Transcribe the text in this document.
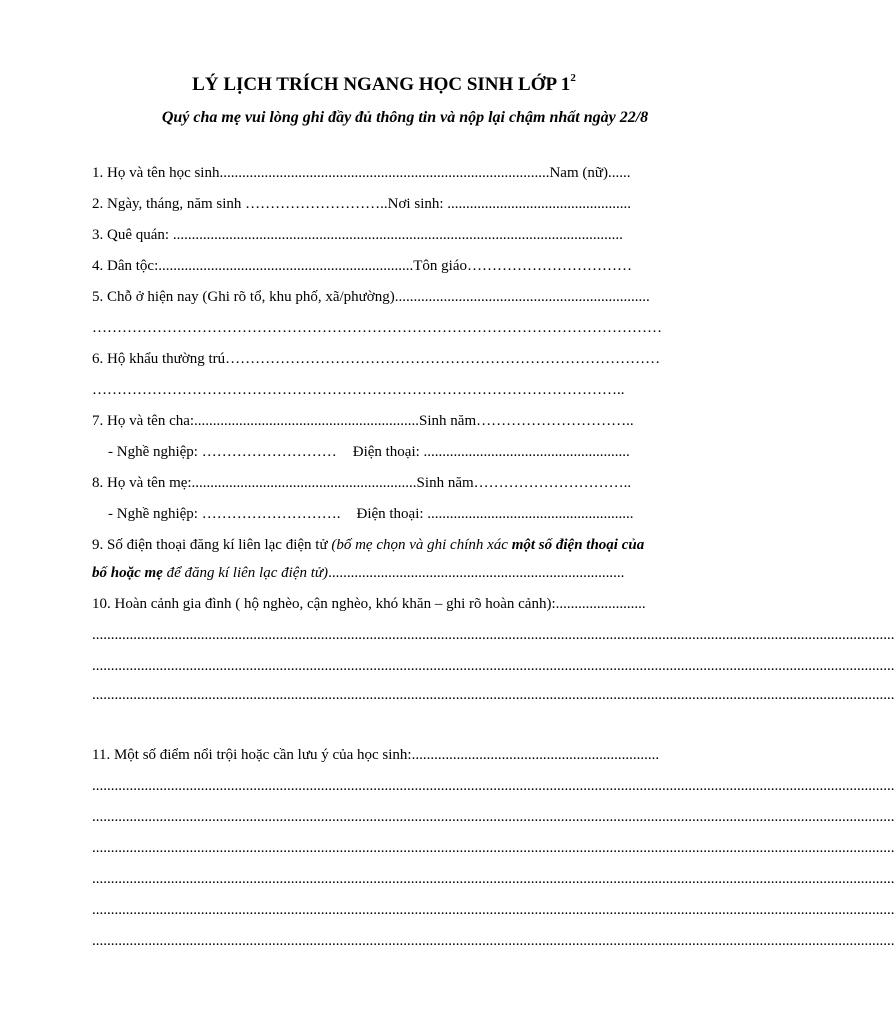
LÝ LỊCH TRÍCH NGANG HỌC SINH LỚP $1^2$
Quý cha mẹ vui lòng ghi đầy đủ thông tin và nộp lại chậm nhất ngày 22/8
1. Họ và tên học sinh........................................................................................Nam (nữ)......
2. Ngày, tháng, năm sinh ………………………..Nơi sinh: .................................................
3. Quê quán: ........................................................................................................................
4. Dân tộc:....................................................................Tôn giáo……………………………
5. Chỗ ở hiện nay (Ghi rõ tổ, khu phố, xã/phường)....................................................................
……………………………………………………………………………………………………
6. Hộ khẩu thường trú……………………………………………………………………………
……………………………………………………………………………………………..
7. Họ và tên cha:............................................................Sinh năm…………………………..
- Nghề nghiệp: ……………………… Điện thoại: .......................................................
8. Họ và tên mẹ:............................................................Sinh năm…………………………..
- Nghề nghiệp: ………………………. Điện thoại: .......................................................
9. Số điện thoại đăng kí liên lạc điện tử (bố mẹ chọn và ghi chính xác một số điện thoại của
bố hoặc mẹ để đăng kí liên lạc điện tử)...............................................................................
10. Hoàn cảnh gia đình ( hộ nghèo, cận nghèo, khó khăn – ghi rõ hoàn cảnh):........................
......................................................................................................................................................................................................................
......................................................................................................................................................................................................................
......................................................................................................................................................................................................................
11. Một số điểm nổi trội hoặc cần lưu ý của học sinh:..................................................................
......................................................................................................................................................................................................................
......................................................................................................................................................................................................................
......................................................................................................................................................................................................................
......................................................................................................................................................................................................................
......................................................................................................................................................................................................................
......................................................................................................................................................................................................................
